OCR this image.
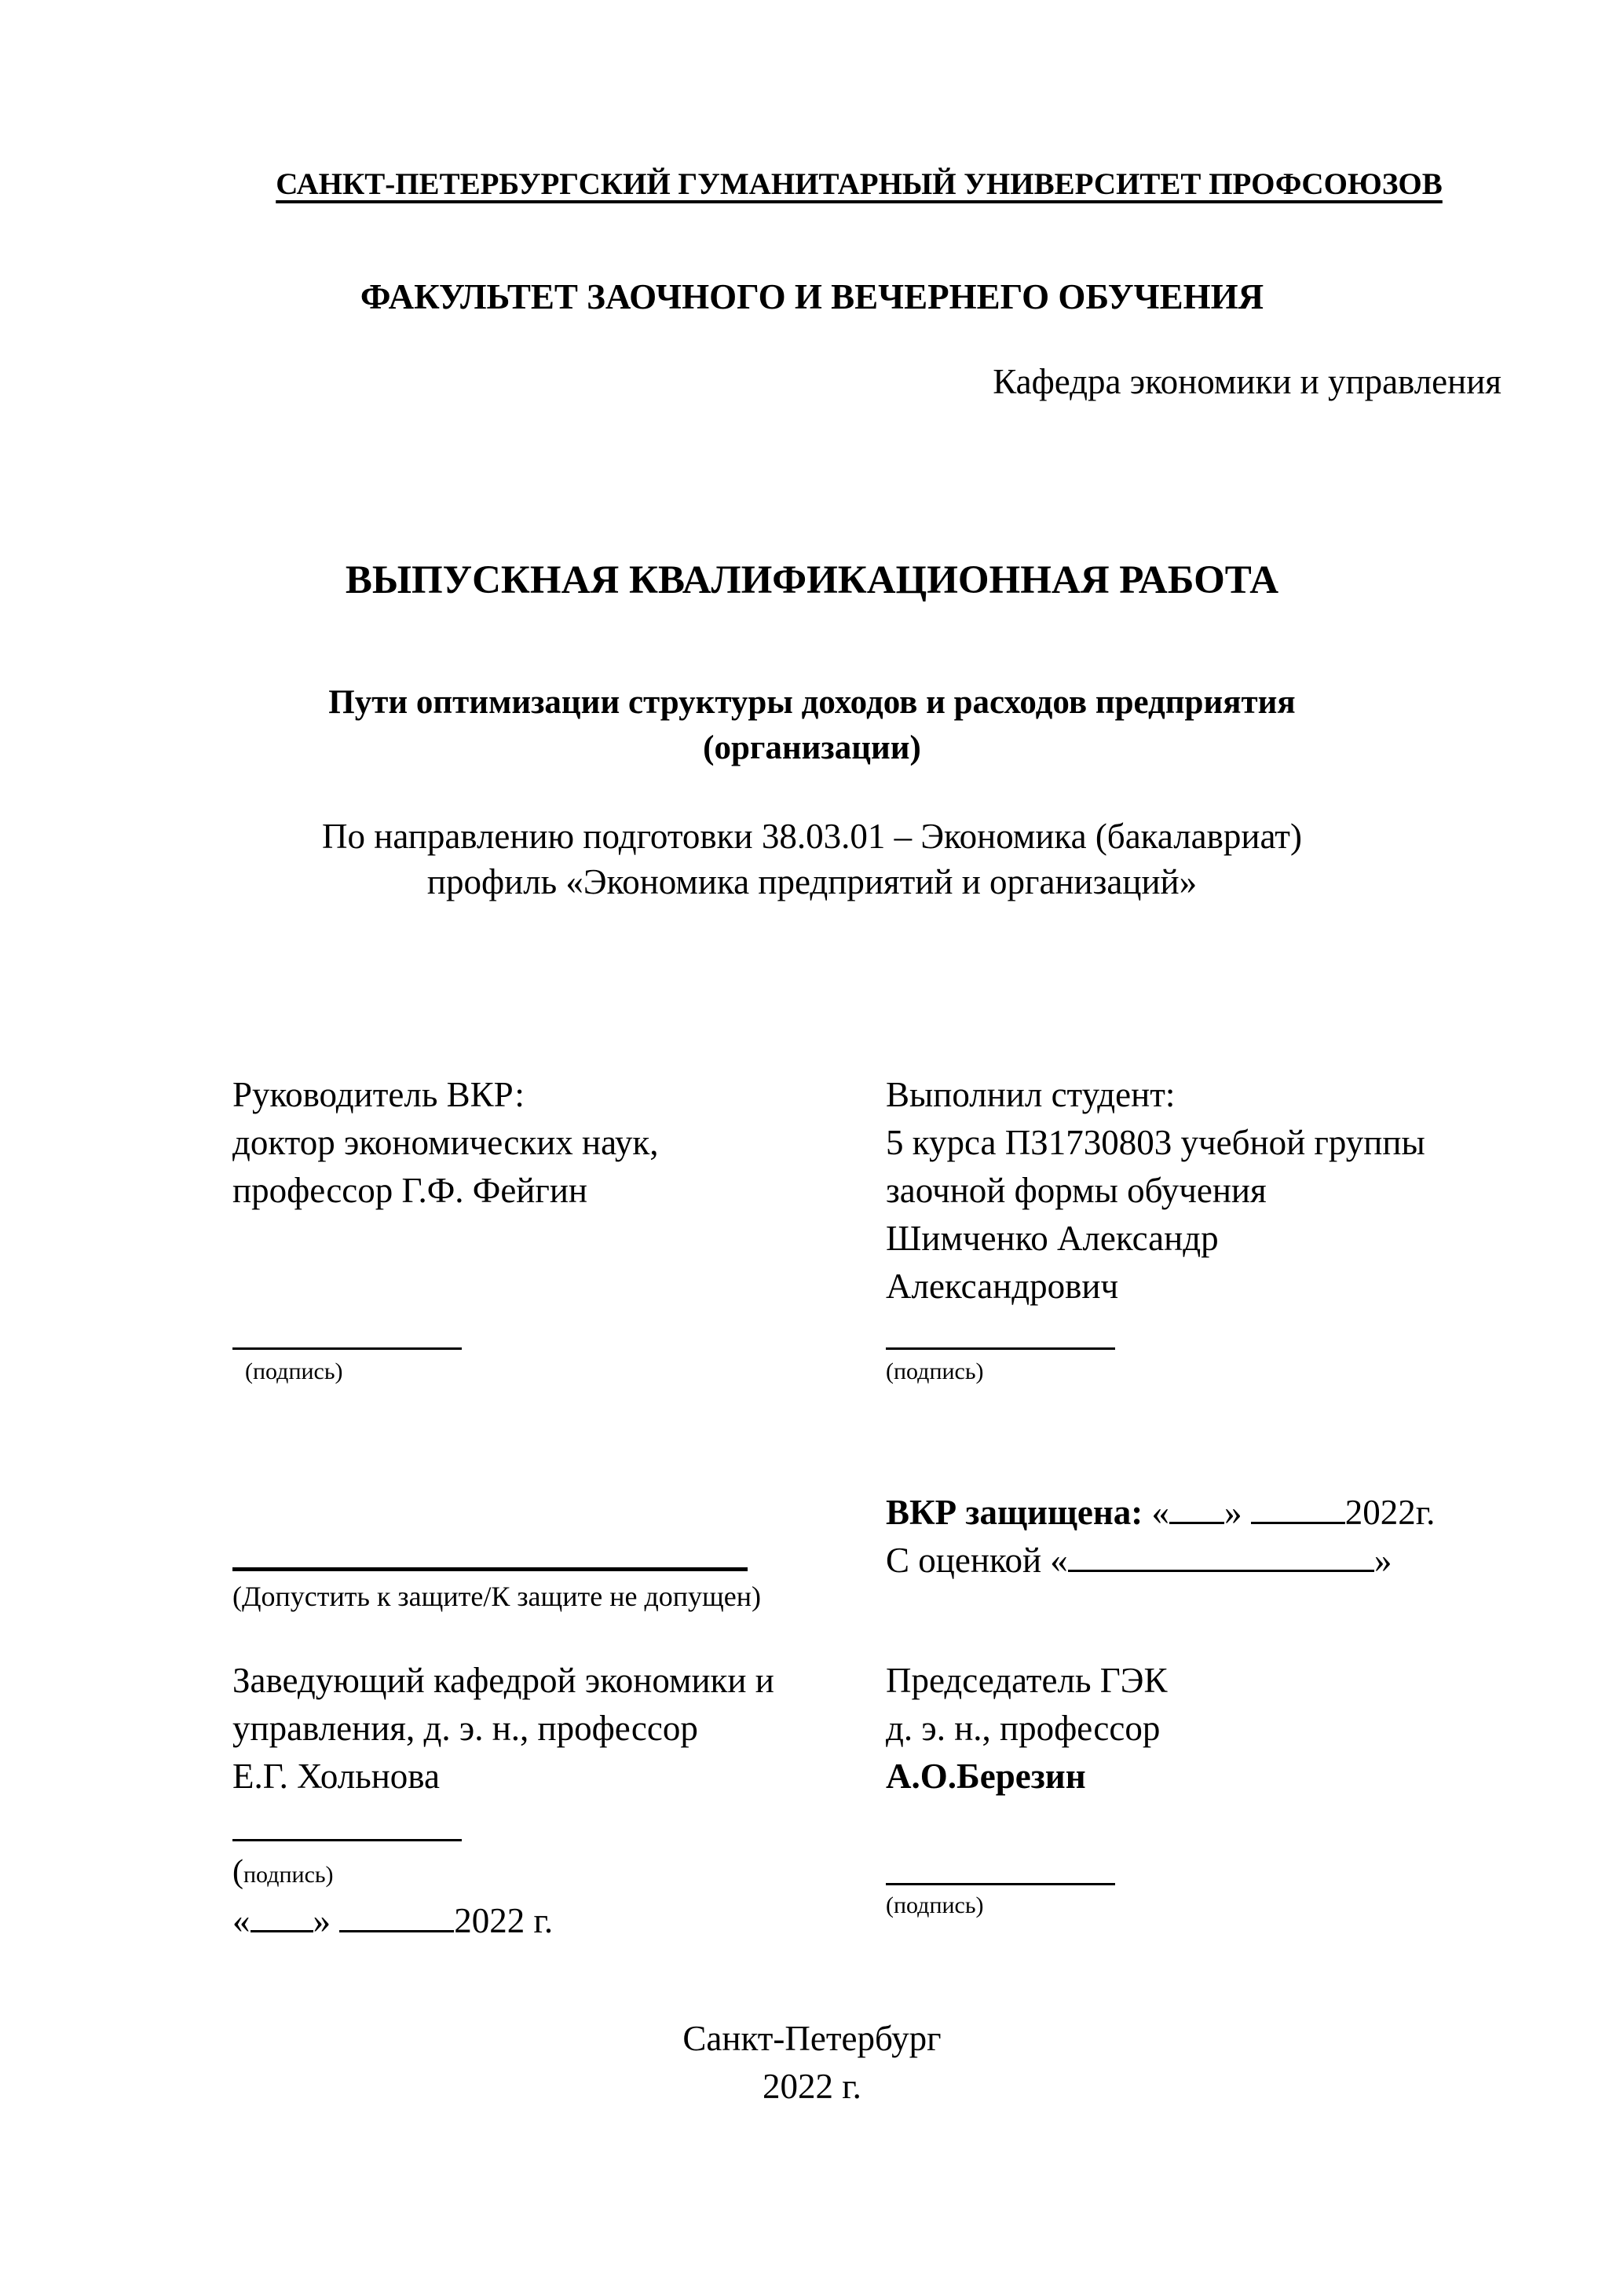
САНКТ-ПЕТЕРБУРГСКИЙ ГУМАНИТАРНЫЙ УНИВЕРСИТЕТ ПРОФСОЮЗОВ
ФАКУЛЬТЕТ ЗАОЧНОГО И ВЕЧЕРНЕГО ОБУЧЕНИЯ
Кафедра экономики и управления
ВЫПУСКНАЯ КВАЛИФИКАЦИОННАЯ РАБОТА
Пути оптимизации структуры доходов и расходов предприятия
(организации)
По направлению подготовки 38.03.01 – Экономика (бакалавриат)
профиль «Экономика предприятий и организаций»
Руководитель ВКР:
доктор экономических наук,
профессор Г.Ф. Фейгин
(подпись)
Выполнил студент:
5 курса ПЗ1730803 учебной группы
заочной формы обучения
Шимченко Александр
Александрович
(подпись)
(Допустить к защите/К защите не допущен)
ВКР защищена: « »	2022г.
С оценкой «	»
Заведующий кафедрой экономики и
управления, д. э. н., профессор
Е.Г. Хольнова
(подпись)
« »	2022 г.
Председатель ГЭК
д. э. н., профессор
А.О.Березин
(подпись)
Санкт-Петербург
2022 г.
